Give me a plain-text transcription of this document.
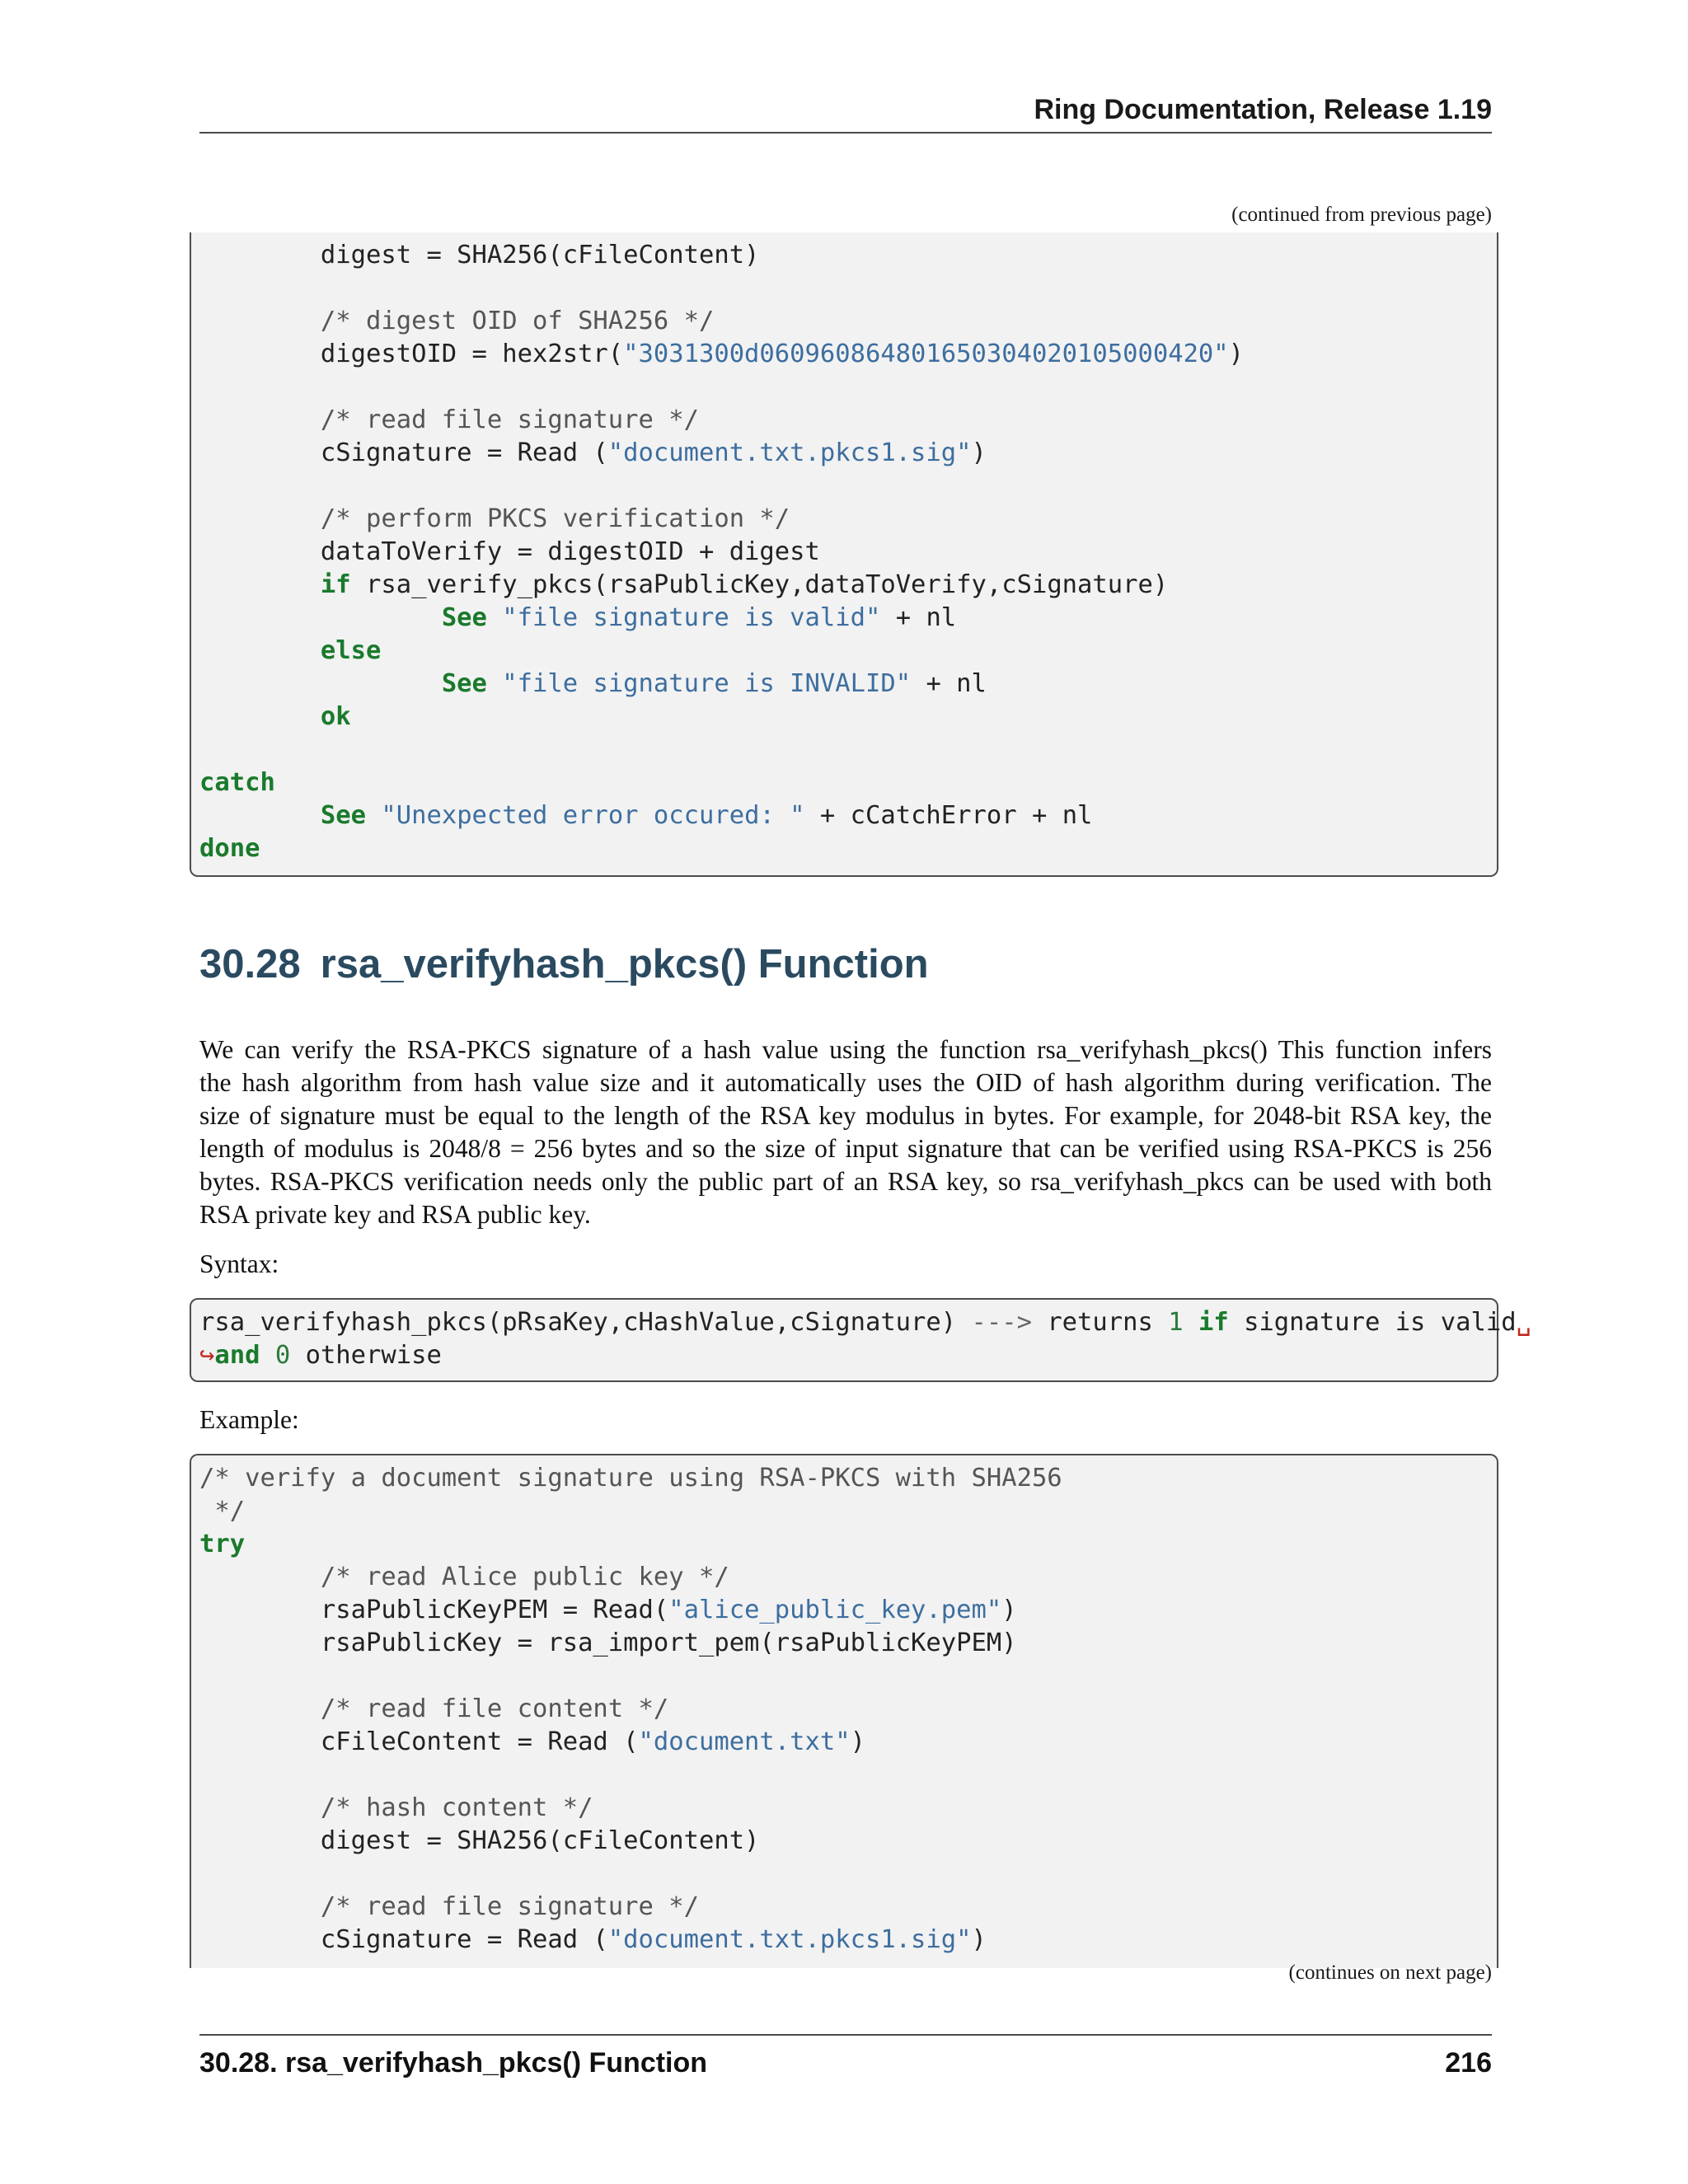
Ring Documentation, Release 1.19
(continued from previous page)
digest = SHA256(cFileContent)
/* digest OID of SHA256 */
digestOID = hex2str("3031300d060960864801650304020105000420")
/* read file signature */
cSignature = Read ("document.txt.pkcs1.sig")
/* perform PKCS verification */
dataToVerify = digestOID + digest
if rsa_verify_pkcs(rsaPublicKey,dataToVerify,cSignature)
See "file signature is valid" + nl
else
See "file signature is INVALID" + nl
ok
catch
See "Unexpected error occured: " + cCatchError + nl
done
30.28 rsa_verifyhash_pkcs() Function
We can verify the RSA-PKCS signature of a hash value using the function rsa_verifyhash_pkcs() This function infers
the hash algorithm from hash value size and it automatically uses the OID of hash algorithm during verification. The
size of signature must be equal to the length of the RSA key modulus in bytes. For example, for 2048-bit RSA key, the
length of modulus is 2048/8 = 256 bytes and so the size of input signature that can be verified using RSA-PKCS is 256
bytes. RSA-PKCS verification needs only the public part of an RSA key, so rsa_verifyhash_pkcs can be used with both
RSA private key and RSA public key.
Syntax:
rsa_verifyhash_pkcs(pRsaKey,cHashValue,cSignature) ---> returns 1 if signature is valid␣
↪and 0 otherwise
Example:
/* verify a document signature using RSA-PKCS with SHA256
*/
try
/* read Alice public key */
rsaPublicKeyPEM = Read("alice_public_key.pem")
rsaPublicKey = rsa_import_pem(rsaPublicKeyPEM)
/* read file content */
cFileContent = Read ("document.txt")
/* hash content */
digest = SHA256(cFileContent)
/* read file signature */
cSignature = Read ("document.txt.pkcs1.sig")
(continues on next page)
30.28. rsa_verifyhash_pkcs() Function	216
